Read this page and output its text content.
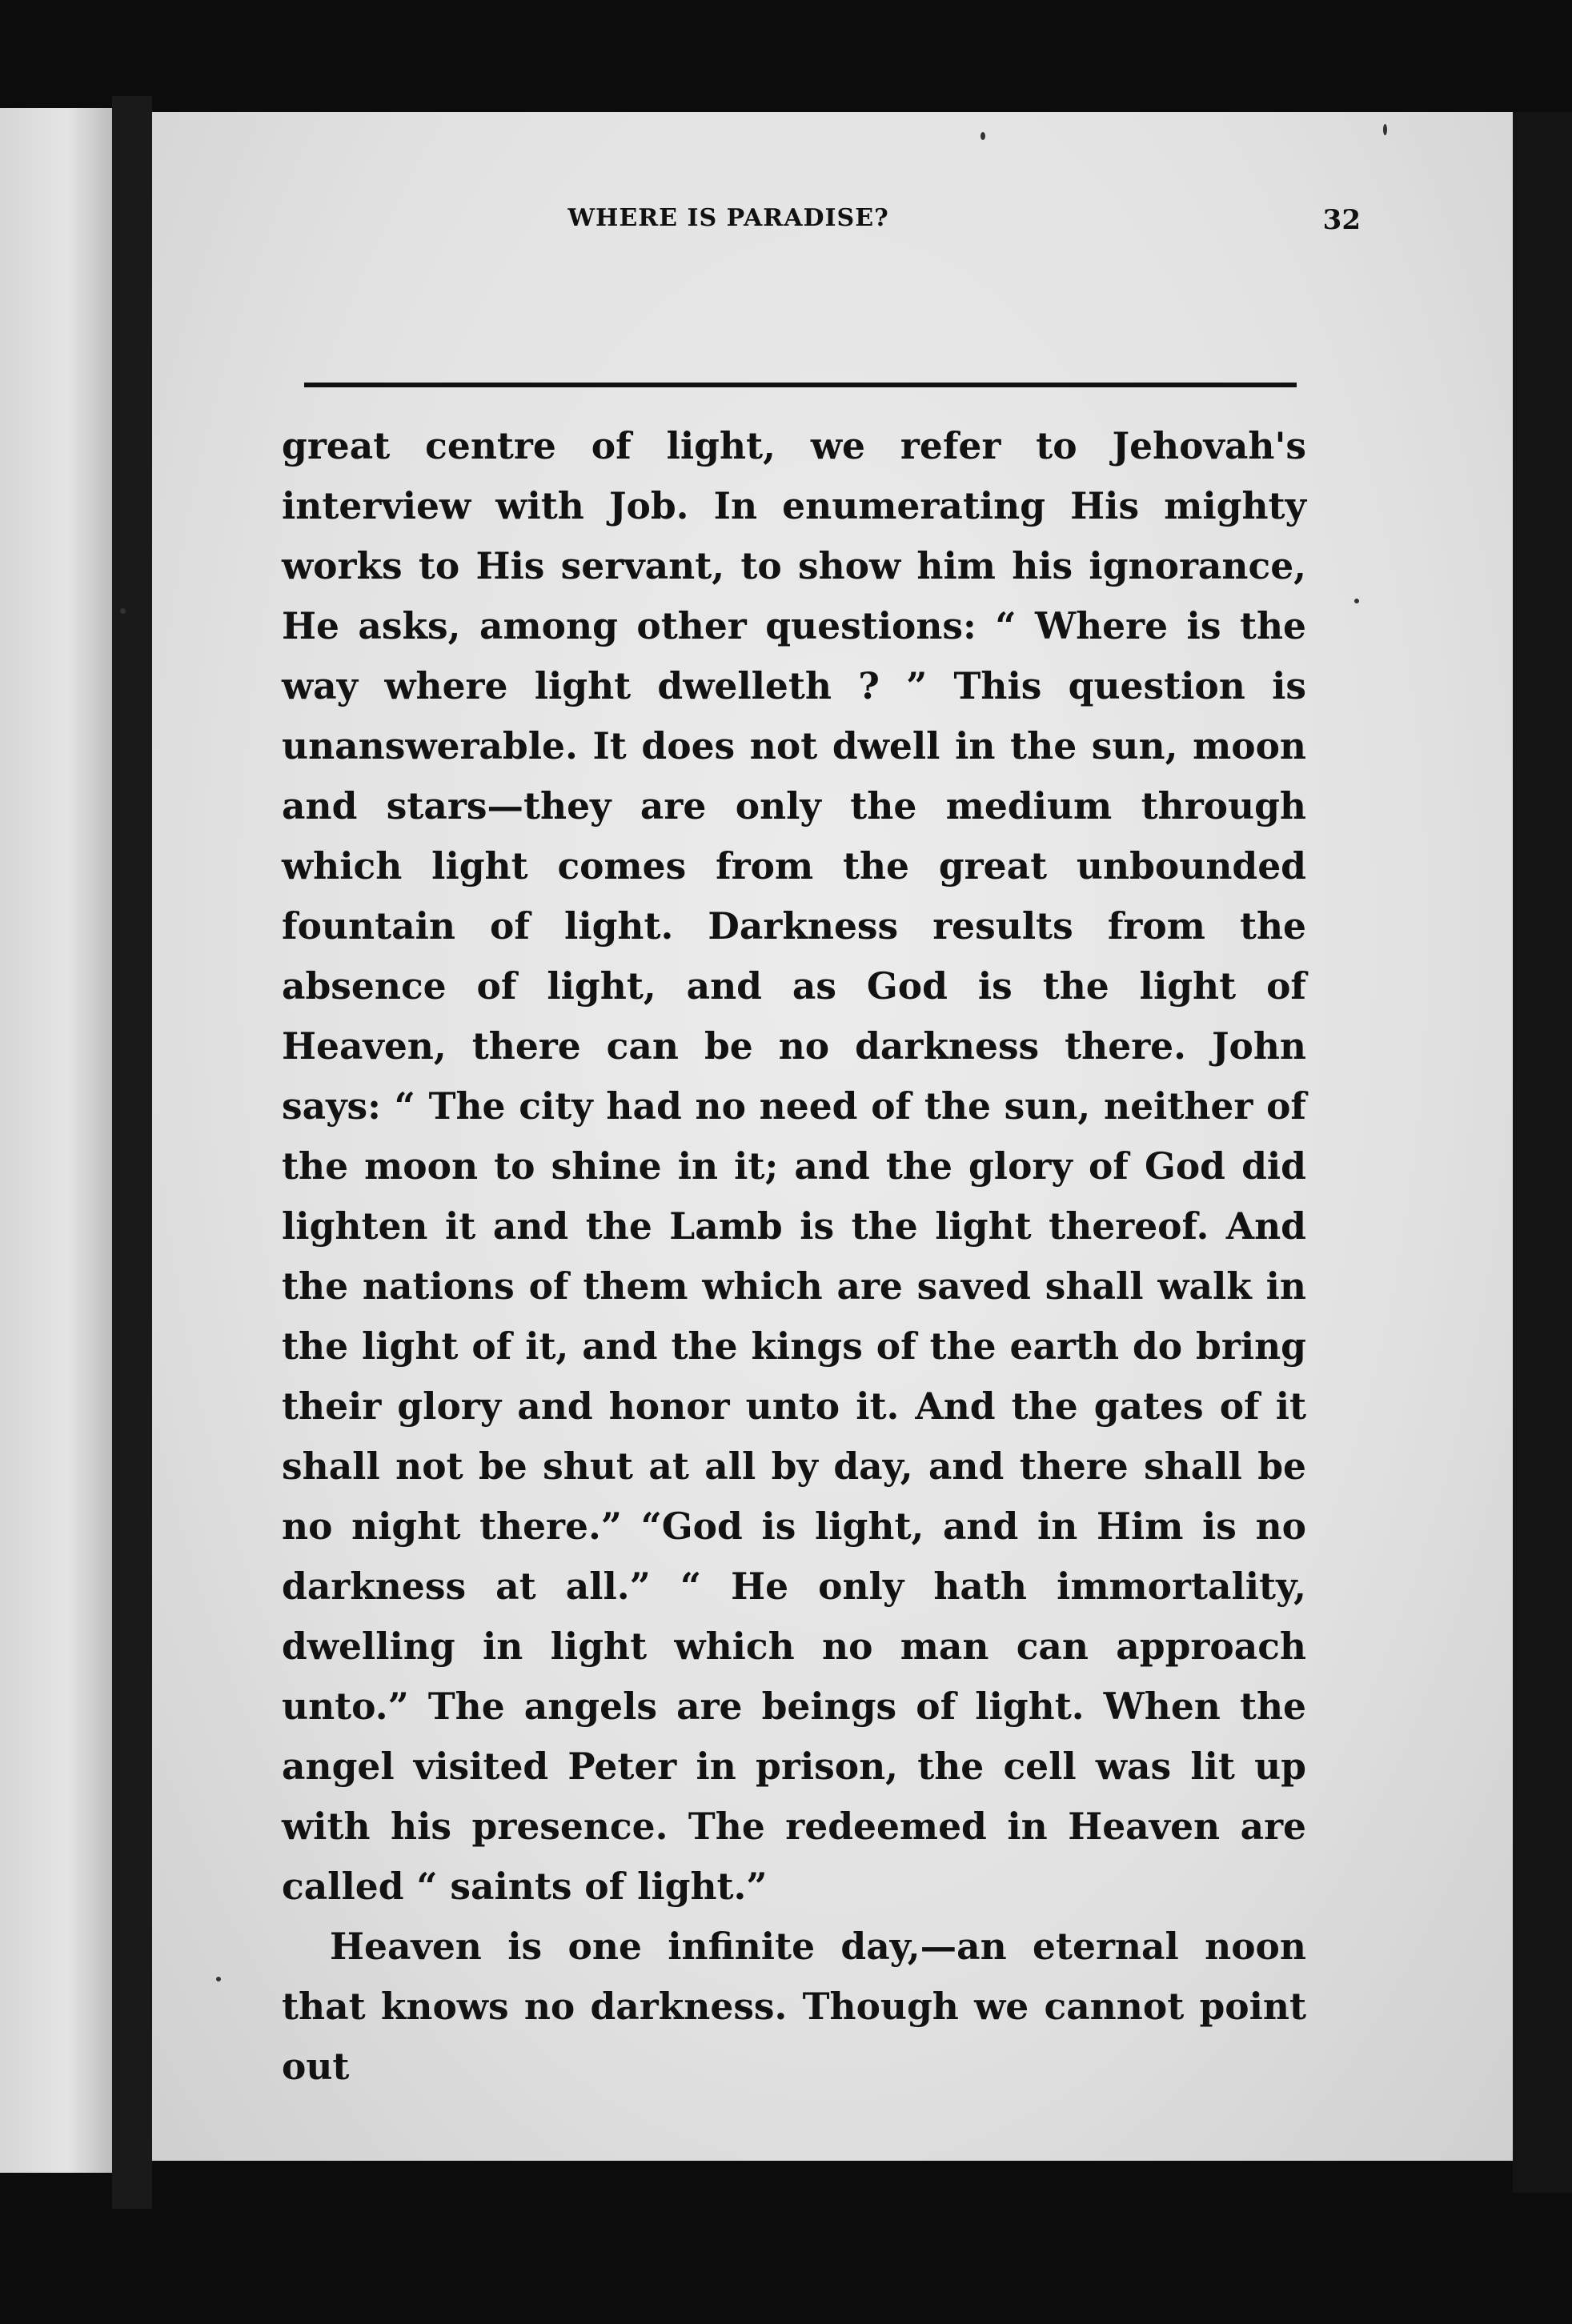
WHERE IS PARADISE?	32

great centre of light, we refer to Jehovah's interview with Job. In enumerating His mighty works to His servant, to show him his ignorance, He asks, among other questions: “ Where is the way where light dwelleth ? ” This question is unanswerable. It does not dwell in the sun, moon and stars—they are only the medium through which light comes from the great unbounded fountain of light. Darkness results from the absence of light, and as God is the light of Heaven, there can be no darkness there. John says: “ The city had no need of the sun, neither of the moon to shine in it; and the glory of God did lighten it and the Lamb is the light thereof. And the nations of them which are saved shall walk in the light of it, and the kings of the earth do bring their glory and honor unto it. And the gates of it shall not be shut at all by day, and there shall be no night there.” “God is light, and in Him is no darkness at all.” “ He only hath immortality, dwelling in light which no man can approach unto.” The angels are beings of light. When the angel visited Peter in prison, the cell was lit up with his presence. The redeemed in Heaven are called “ saints of light.”

Heaven is one infinite day,—an eternal noon that knows no darkness. Though we cannot point out
